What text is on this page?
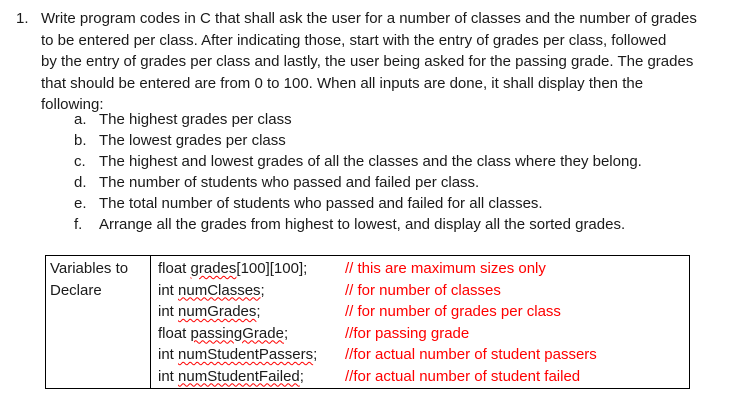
1. Write program codes in C that shall ask the user for a number of classes and the number of grades
to be entered per class. After indicating those, start with the entry of grades per class, followed
by the entry of grades per class and lastly, the user being asked for the passing grade. The grades
that should be entered are from 0 to 100. When all inputs are done, it shall display then the
following:
a. The highest grades per class
b. The lowest grades per class
c. The highest and lowest grades of all the classes and the class where they belong.
d. The number of students who passed and failed per class.
e. The total number of students who passed and failed for all classes.
f. Arrange all the grades from highest to lowest, and display all the sorted grades.
Variables to
Declare

float grades[100][100];	// this are maximum sizes only
int numClasses;	// for number of classes
int numGrades;	// for number of grades per class
float passingGrade;	//for passing grade
int numStudentPassers; //for actual number of student passers
int numStudentFailed;	//for actual number of student failed
